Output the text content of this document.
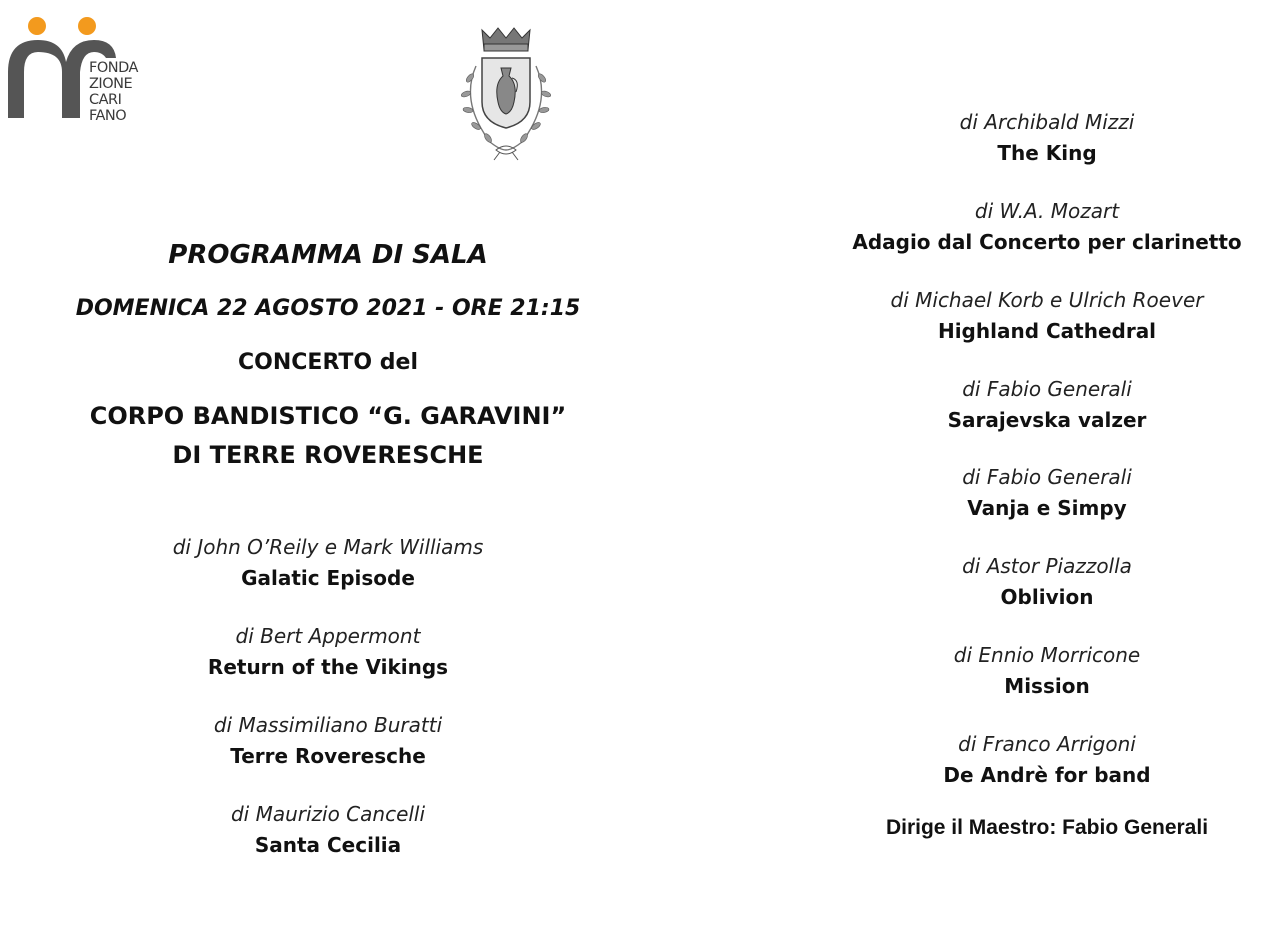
FONDA
ZIONE
CARI
FANO
PROGRAMMA DI SALA
DOMENICA 22 AGOSTO 2021 - ORE 21:15
CONCERTO del
CORPO BANDISTICO “G. GARAVINI”
DI TERRE ROVERESCHE
di John O’Reily e Mark Williams
Galatic Episode
di Bert Appermont
Return of the Vikings
di Massimiliano Buratti
Terre Roveresche
di Maurizio Cancelli
Santa Cecilia
di Archibald Mizzi
The King
di W.A. Mozart
Adagio dal Concerto per clarinetto
di Michael Korb e Ulrich Roever
Highland Cathedral
di Fabio Generali
Sarajevska valzer
di Fabio Generali
Vanja e Simpy
di Astor Piazzolla
Oblivion
di Ennio Morricone
Mission
di Franco Arrigoni
De Andrè for band
Dirige il Maestro: Fabio Generali
